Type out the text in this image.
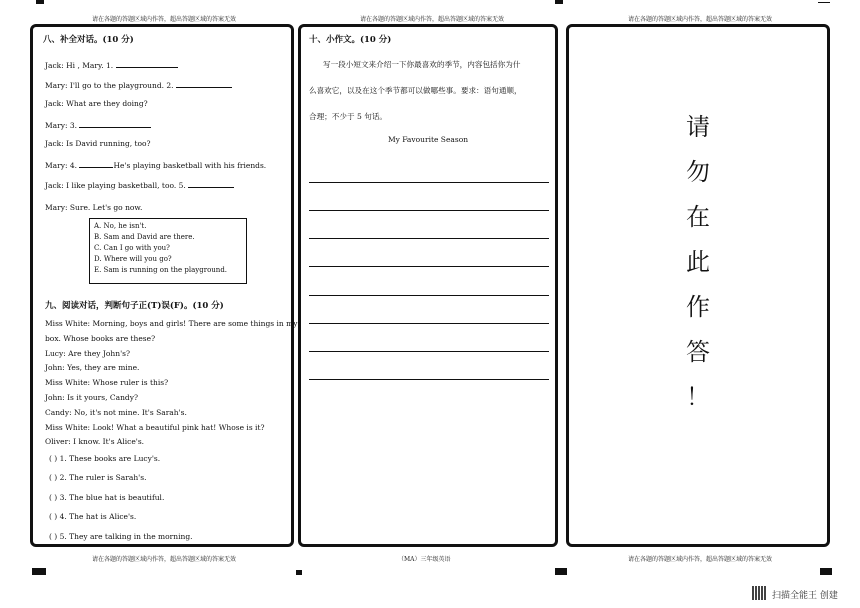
请在各题的答题区域内作答，超出答题区域的答案无效	请在各题的答题区域内作答，超出答题区域的答案无效	请在各题的答题区域内作答，超出答题区域的答案无效
八、补全对话。(10 分)
Jack: Hi , Mary. 1.
Mary: I'll go to the playground. 2.
Jack: What are they doing?
Mary: 3.
Jack: Is David running, too?
Mary: 4.	He's playing basketball with his friends.
Jack: I like playing basketball, too. 5.
Mary: Sure. Let's go now.
A. No, he isn't.
B. Sam and David are there.
C. Can I go with you?
D. Where will you go?
E. Sam is running on the playground.
九、阅读对话，判断句子正(T)误(F)。(10 分)
Miss White: Morning, boys and girls! There are some things in my
box. Whose books are these?
Lucy: Are they John's?
John: Yes, they are mine.
Miss White: Whose ruler is this?
John: Is it yours, Candy?
Candy: No, it's not mine. It's Sarah's.
Miss White: Look! What a beautiful pink hat! Whose is it?
Oliver: I know. It's Alice's.
( ) 1. These books are Lucy's.
( ) 2. The ruler is Sarah's.
( ) 3. The blue hat is beautiful.
( ) 4. The hat is Alice's.
( ) 5. They are talking in the morning.
十、小作文。(10 分)
写一段小短文来介绍一下你最喜欢的季节，内容包括你为什
么喜欢它，以及在这个季节都可以做哪些事。要求：语句通顺，
合理；不少于 5 句话。
My Favourite Season	请
勿
在
此
作
答
！
请在各题的答题区域内作答，超出答题区域的答案无效	（MA）三年级英语	请在各题的答题区域内作答，超出答题区域的答案无效
扫描全能王 创建
